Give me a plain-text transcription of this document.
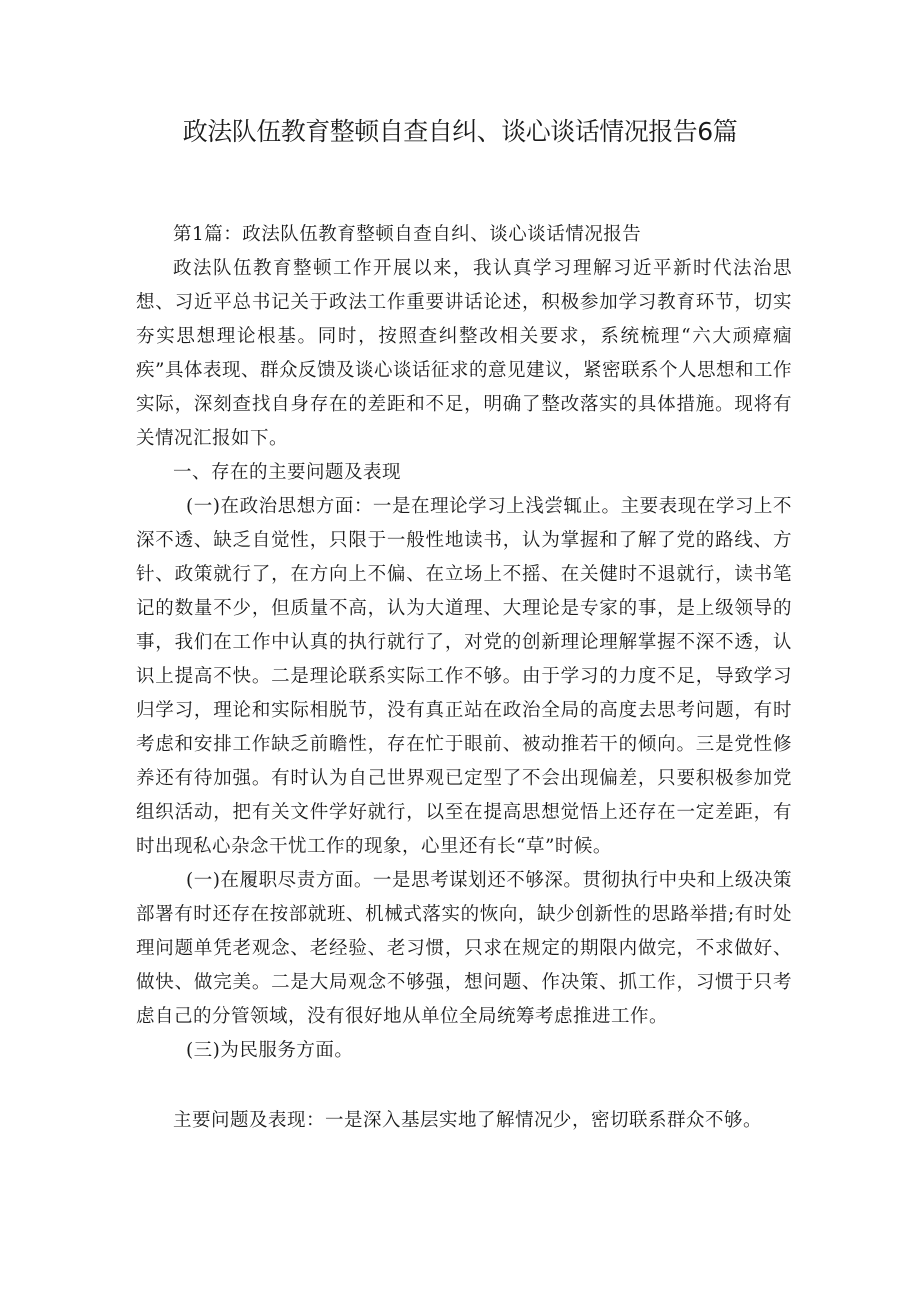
政法队伍教育整顿自查自纠、谈心谈话情况报告6篇

第1篇：政法队伍教育整顿自查自纠、谈心谈话情况报告

政法队伍教育整顿工作开展以来，我认真学习理解习近平新时代法治思想、习近平总书记关于政法工作重要讲话论述，积极参加学习教育环节，切实夯实思想理论根基。同时，按照查纠整改相关要求，系统梳理“六大顽瘴痼疾”具体表现、群众反馈及谈心谈话征求的意见建议，紧密联系个人思想和工作实际，深刻查找自身存在的差距和不足，明确了整改落实的具体措施。现将有关情况汇报如下。

一、存在的主要问题及表现

(一)在政治思想方面：一是在理论学习上浅尝辄止。主要表现在学习上不深不透、缺乏自觉性，只限于一般性地读书，认为掌握和了解了党的路线、方针、政策就行了，在方向上不偏、在立场上不摇、在关健时不退就行，读书笔记的数量不少，但质量不高，认为大道理、大理论是专家的事，是上级领导的事，我们在工作中认真的执行就行了，对党的创新理论理解掌握不深不透，认识上提高不快。二是理论联系实际工作不够。由于学习的力度不足，导致学习归学习，理论和实际相脱节，没有真正站在政治全局的高度去思考问题，有时考虑和安排工作缺乏前瞻性，存在忙于眼前、被动推若干的倾向。三是党性修养还有待加强。有时认为自己世界观已定型了不会出现偏差，只要积极参加党组织活动，把有关文件学好就行，以至在提高思想觉悟上还存在一定差距，有时出现私心杂念干忧工作的现象，心里还有长“草”时候。

(一)在履职尽责方面。一是思考谋划还不够深。贯彻执行中央和上级决策部署有时还存在按部就班、机械式落实的恢向，缺少创新性的思路举措;有时处理问题单凭老观念、老经验、老习惯，只求在规定的期限内做完，不求做好、做快、做完美。二是大局观念不够强，想问题、作决策、抓工作，习惯于只考虑自己的分管领域，没有很好地从单位全局统筹考虑推进工作。

(三)为民服务方面。

主要问题及表现：一是深入基层实地了解情况少，密切联系群众不够。
